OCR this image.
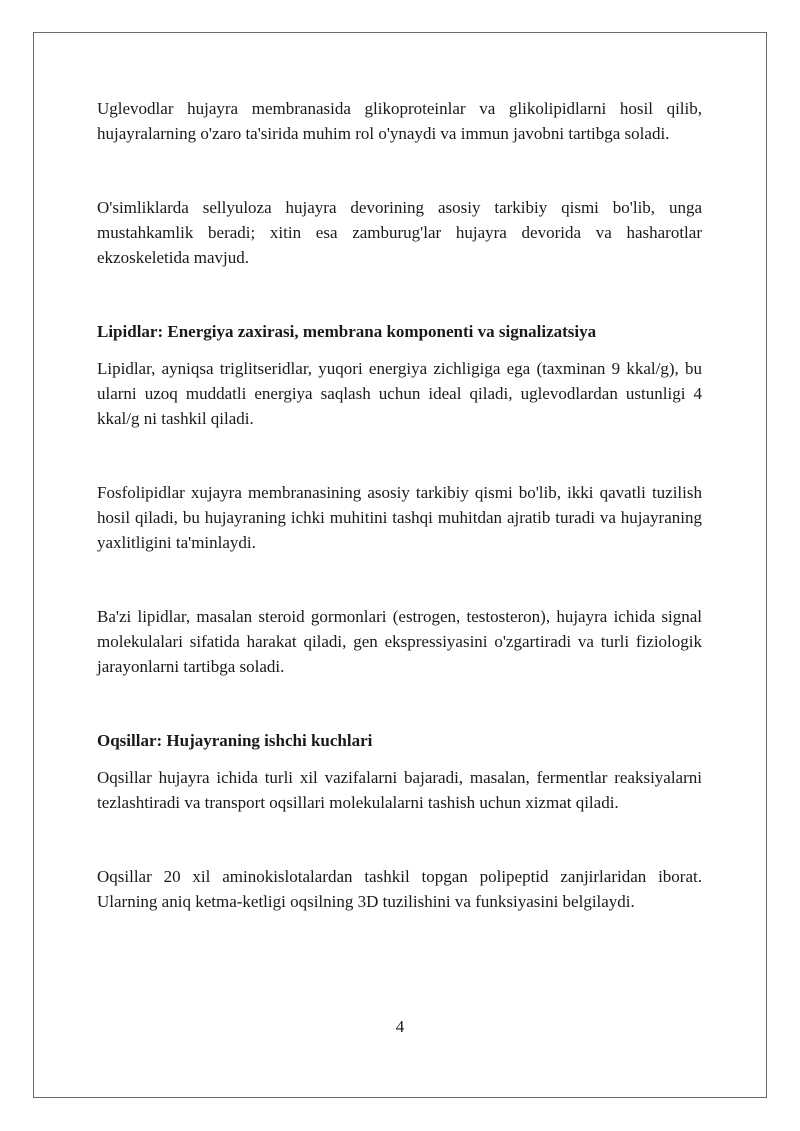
Uglevodlar hujayra membranasida glikoproteinlar va glikolipidlarni hosil qilib, hujayralarning o'zaro ta'sirida muhim rol o'ynaydi va immun javobni tartibga soladi.

O'simliklarda sellyuloza hujayra devorining asosiy tarkibiy qismi bo'lib, unga mustahkamlik beradi; xitin esa zamburug'lar hujayra devorida va hasharotlar ekzoskeletida mavjud.

Lipidlar: Energiya zaxirasi, membrana komponenti va signalizatsiya

Lipidlar, ayniqsa triglitseridlar, yuqori energiya zichligiga ega (taxminan 9 kkal/g), bu ularni uzoq muddatli energiya saqlash uchun ideal qiladi, uglevodlardan ustunligi 4 kkal/g ni tashkil qiladi.

Fosfolipidlar xujayra membranasining asosiy tarkibiy qismi bo'lib, ikki qavatli tuzilish hosil qiladi, bu hujayraning ichki muhitini tashqi muhitdan ajratib turadi va hujayraning yaxlitligini ta'minlaydi.

Ba'zi lipidlar, masalan steroid gormonlari (estrogen, testosteron), hujayra ichida signal molekulalari sifatida harakat qiladi, gen ekspressiyasini o'zgartiradi va turli fiziologik jarayonlarni tartibga soladi.

Oqsillar: Hujayraning ishchi kuchlari

Oqsillar hujayra ichida turli xil vazifalarni bajaradi, masalan, fermentlar reaksiyalarni tezlashtiradi va transport oqsillari molekulalarni tashish uchun xizmat qiladi.

Oqsillar 20 xil aminokislotalardan tashkil topgan polipeptid zanjirlaridan iborat. Ularning aniq ketma-ketligi oqsilning 3D tuzilishini va funksiyasini belgilaydi.

4
